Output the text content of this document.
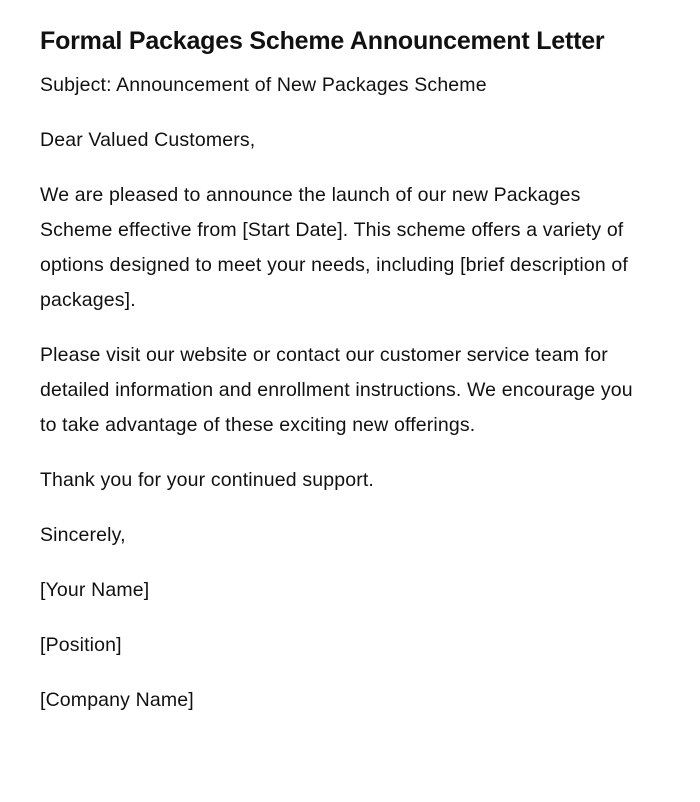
Formal Packages Scheme Announcement Letter

Subject: Announcement of New Packages Scheme

Dear Valued Customers,

We are pleased to announce the launch of our new Packages Scheme effective from [Start Date]. This scheme offers a variety of options designed to meet your needs, including [brief description of packages].

Please visit our website or contact our customer service team for detailed information and enrollment instructions. We encourage you to take advantage of these exciting new offerings.

Thank you for your continued support.

Sincerely,

[Your Name]

[Position]

[Company Name]
